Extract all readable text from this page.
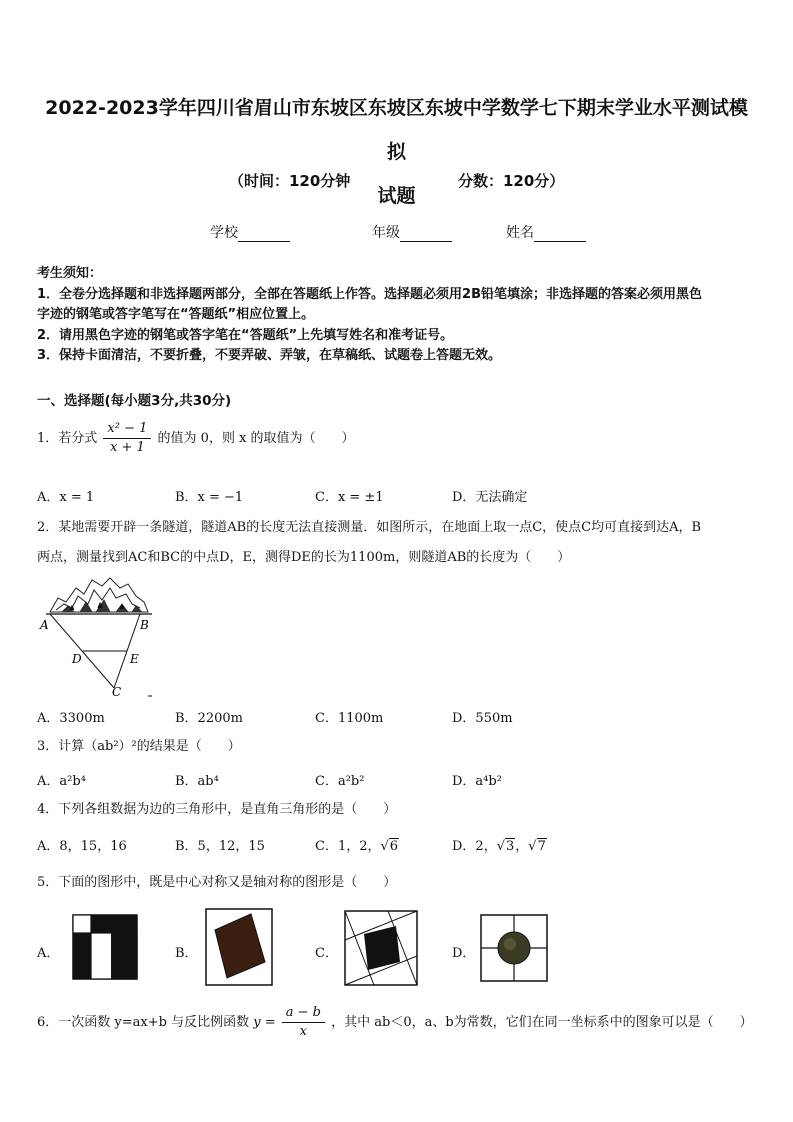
2022-2023学年四川省眉山市东坡区东坡区东坡中学数学七下期末学业水平测试模拟
试题
（时间：120分钟	分数：120分）
学校	年级	姓名
考生须知：
1．全卷分选择题和非选择题两部分，全部在答题纸上作答。选择题必须用2B铅笔填涂；非选择题的答案必须用黑色
字迹的钢笔或答字笔写在“答题纸”相应位置上。
2．请用黑色字迹的钢笔或答字笔在“答题纸”上先填写姓名和准考证号。
3．保持卡面清洁，不要折叠，不要弄破、弄皱，在草稿纸、试题卷上答题无效。
一、选择题(每小题3分,共30分)
1．若分式 $\frac{\text{x² − 1}}{x + 1}$ 的值为 0，则 x 的取值为（　　）
A．x = 1	B．x = −1	C．x = ±1	D．无法确定
2．某地需要开辟一条隧道，隧道AB的长度无法直接测量．如图所示，在地面上取一点C，使点C均可直接到达A，B
两点，测量找到AC和BC的中点D，E，测得DE的长为1100m，则隧道AB的长度为（　　）
A	B
D	E
C
A．3300m	B．2200m	C．1100m	D．550m
3．计算（ab²）²的结果是（　　）
A．a²b⁴	B．ab⁴	C．a²b²	D．a⁴b²
4．下列各组数据为边的三角形中，是直角三角形的是（　　）
A．8，15，16	B．5，12，15	C．1，2，√6	D．2，√3，√7
5．下面的图形中，既是中心对称又是轴对称的图形是（　　）
A．	B．	C．	D．
6．一次函数 y=ax+b 与反比例函数 $y = \frac{a - b}{x}$ ，其中 ab＜0，a、b为常数，它们在同一坐标系中的图象可以是（　　）
